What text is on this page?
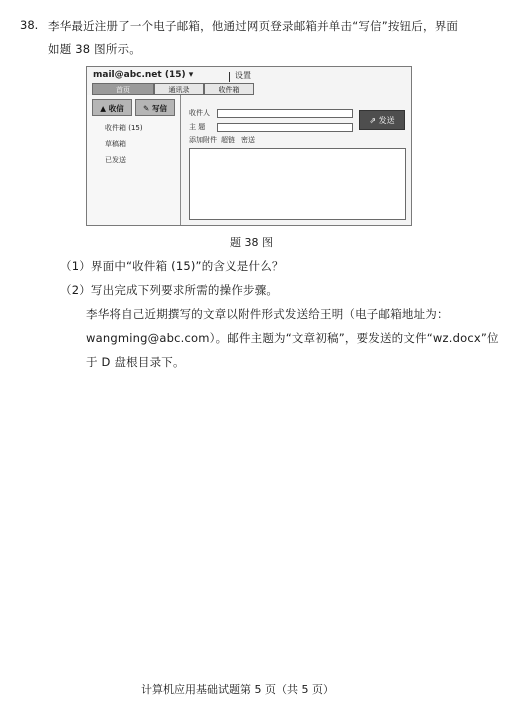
38. 李华最近注册了一个电子邮箱，他通过网页登录邮箱并单击“写信”按钮后，界面
如题 38 图所示。
mail@abc.net (15) ▾	设置
首页	通讯录	收件箱
▲ 收信	✎ 写信
收件箱 (15)
草稿箱
已发送
收件人
主 题
添加附件 超链 密送
⇗ 发送
题 38 图
（1）界面中“收件箱 (15)”的含义是什么？
（2）写出完成下列要求所需的操作步骤。
李华将自己近期撰写的文章以附件形式发送给王明（电子邮箱地址为：
wangming@abc.com）。邮件主题为“文章初稿”，要发送的文件“wz.docx”位
于 D 盘根目录下。
计算机应用基础试题第 5 页（共 5 页）
